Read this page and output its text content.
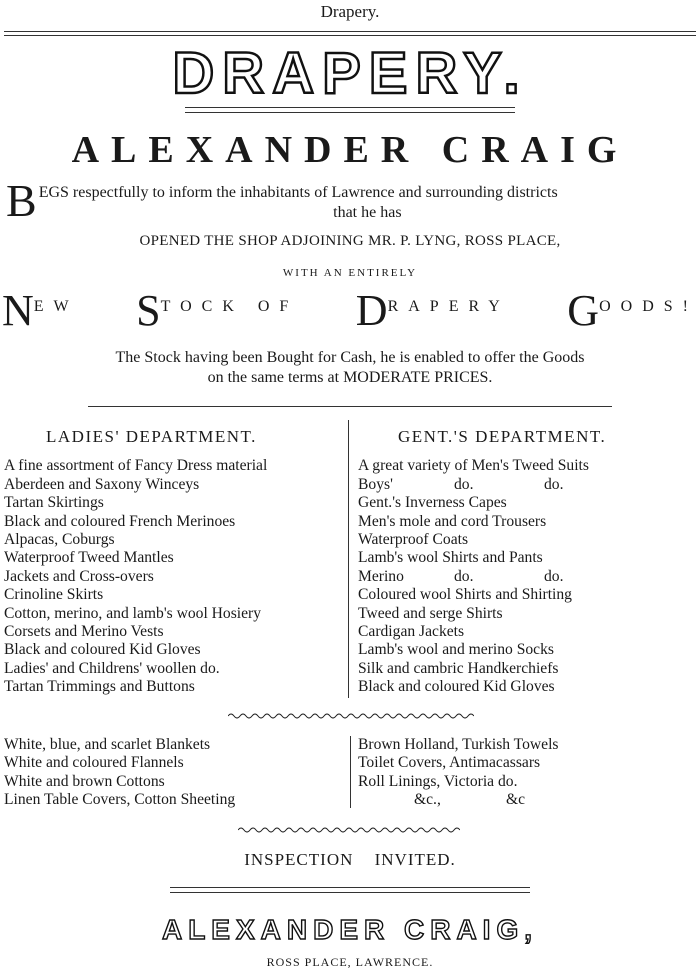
Drapery.
DRAPERY.
ALEXANDER CRAIG
B EGS respectfully to inform the inhabitants of Lawrence and surrounding districts
that he has
OPENED THE SHOP ADJOINING MR. P. LYNG, ROSS PLACE,
WITH AN ENTIRELY
N EW S TOCK OF D RAPERY G OODS!
The Stock having been Bought for Cash, he is enabled to offer the Goods
on the same terms at MODERATE PRICES.
LADIES' DEPARTMENT.
A fine assortment of Fancy Dress material
Aberdeen and Saxony Winceys
Tartan Skirtings
Black and coloured French Merinoes
Alpacas, Coburgs
Waterproof Tweed Mantles
Jackets and Cross-overs
Crinoline Skirts
Cotton, merino, and lamb's wool Hosiery
Corsets and Merino Vests
Black and coloured Kid Gloves
Ladies' and Childrens' woollen do.
Tartan Trimmings and Buttons
GENT.'S DEPARTMENT.
A great variety of Men's Tweed Suits
Boys'	do.	do.
Gent.'s Inverness Capes
Men's mole and cord Trousers
Waterproof Coats
Lamb's wool Shirts and Pants
Merino	do.	do.
Coloured wool Shirts and Shirting
Tweed and serge Shirts
Cardigan Jackets
Lamb's wool and merino Socks
Silk and cambric Handkerchiefs
Black and coloured Kid Gloves
White, blue, and scarlet Blankets
White and coloured Flannels
White and brown Cottons
Linen Table Covers, Cotton Sheeting
Brown Holland, Turkish Towels
Toilet Covers, Antimacassars
Roll Linings, Victoria do.
&c.,	&c
INSPECTION INVITED.
ALEXANDER CRAIG,
ROSS PLACE, LAWRENCE.
